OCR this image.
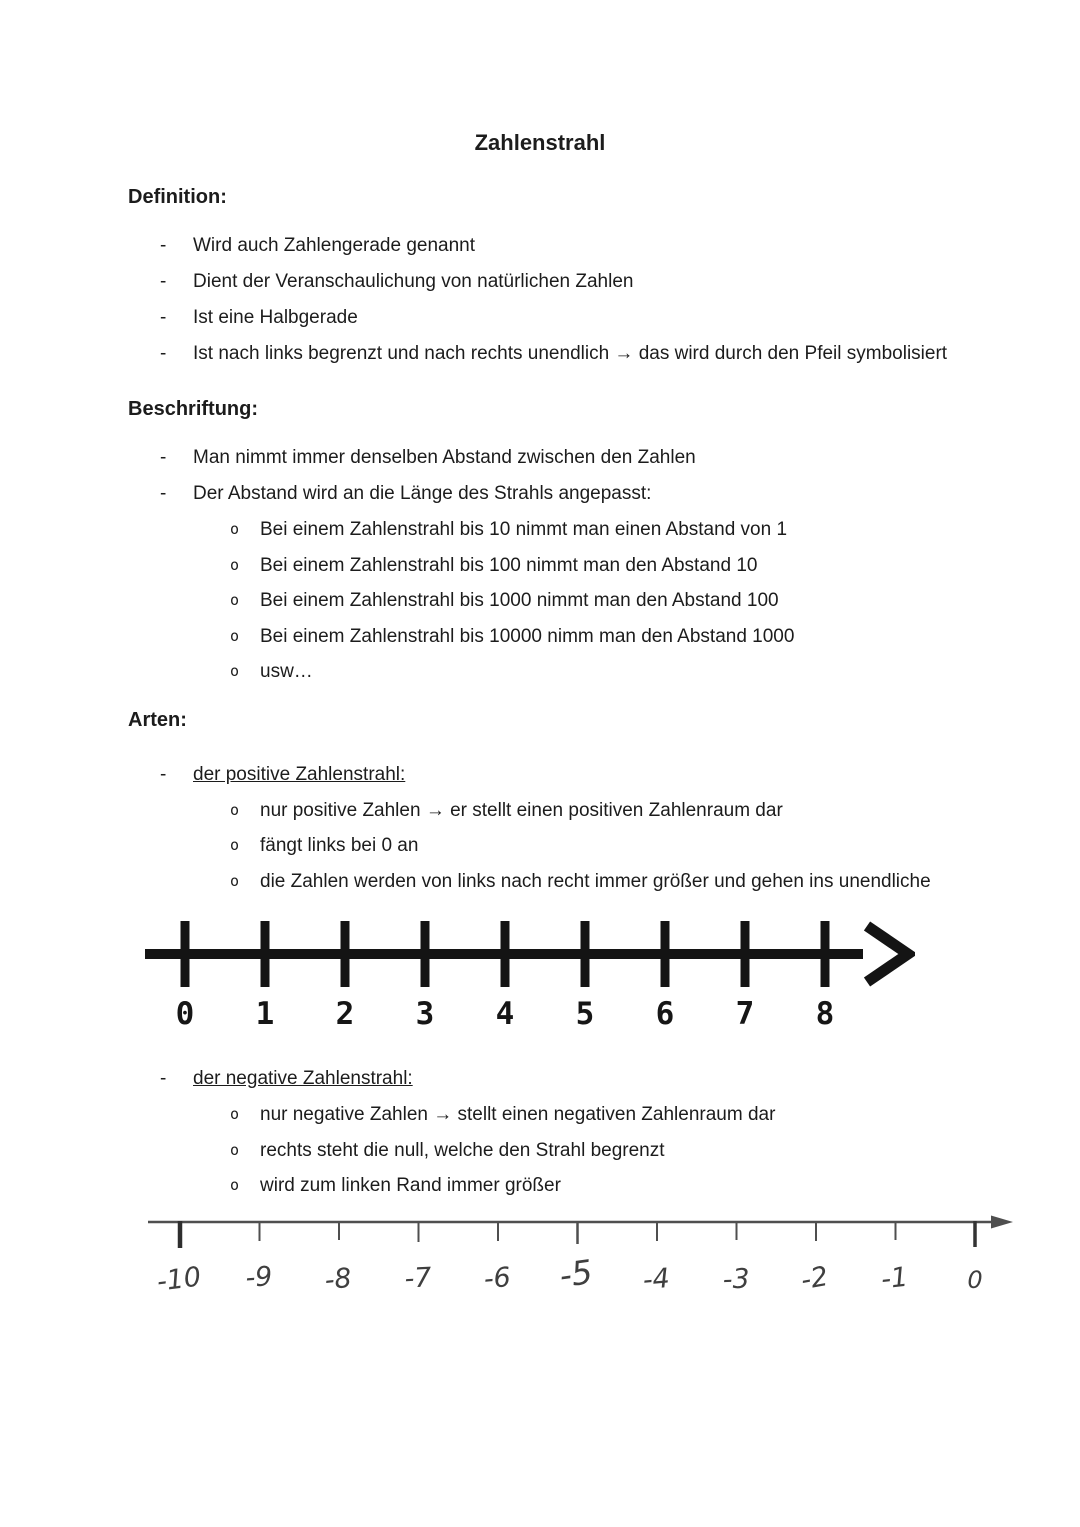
Zahlenstrahl
Definition:
- Wird auch Zahlengerade genannt
- Dient der Veranschaulichung von natürlichen Zahlen
- Ist eine Halbgerade
- Ist nach links begrenzt und nach rechts unendlich → das wird durch den Pfeil symbolisiert
Beschriftung:
- Man nimmt immer denselben Abstand zwischen den Zahlen
- Der Abstand wird an die Länge des Strahls angepasst:
o Bei einem Zahlenstrahl bis 10 nimmt man einen Abstand von 1
o Bei einem Zahlenstrahl bis 100 nimmt man den Abstand 10
o Bei einem Zahlenstrahl bis 1000 nimmt man den Abstand 100
o Bei einem Zahlenstrahl bis 10000 nimm man den Abstand 1000
o usw…
Arten:
- der positive Zahlenstrahl:
o nur positive Zahlen → er stellt einen positiven Zahlenraum dar
o fängt links bei 0 an
o die Zahlen werden von links nach recht immer größer und gehen ins unendliche
0 1 2 3 4 5 6 7 8
- der negative Zahlenstrahl:
o nur negative Zahlen → stellt einen negativen Zahlenraum dar
o rechts steht die null, welche den Strahl begrenzt
o wird zum linken Rand immer größer
-10 -9 -8 -7 -6 -5 -4 -3 -2 -1 0
